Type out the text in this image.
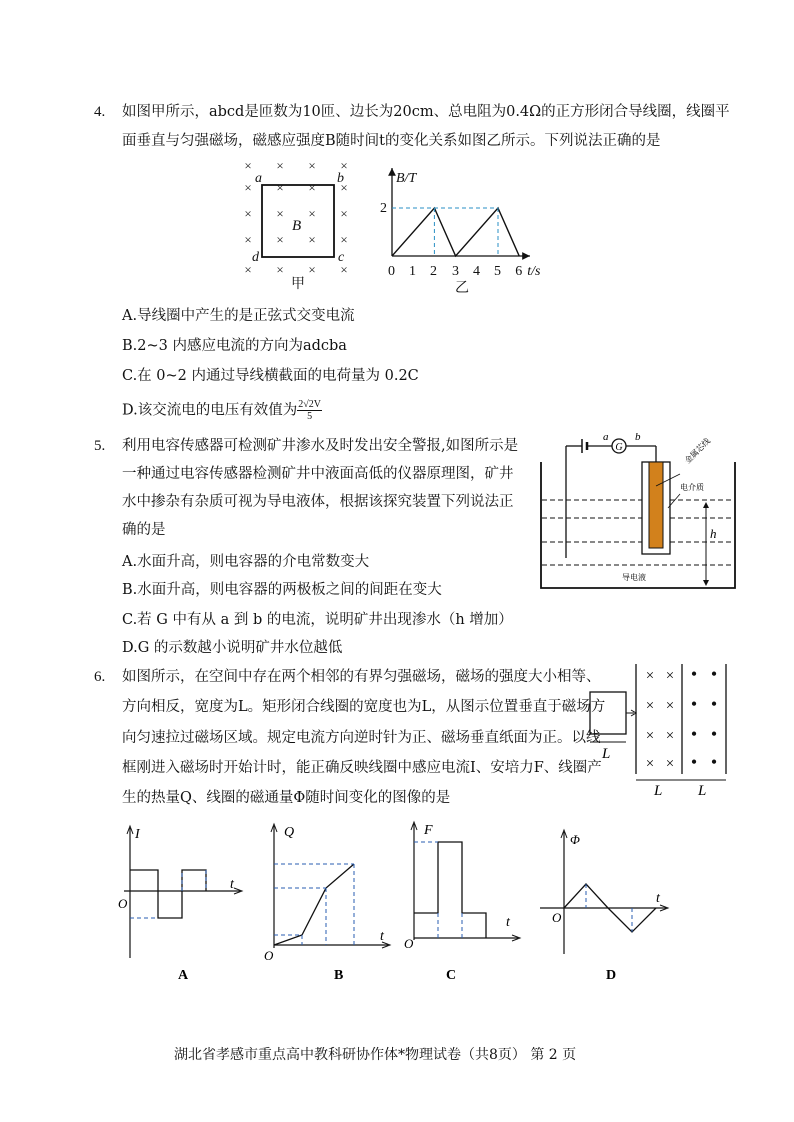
4. 如图甲所示，abcd是匝数为10匝、边长为20cm、总电阻为0.4Ω的正方形闭合导线圈，线圈平
面垂直与匀强磁场，磁感应强度B随时间t的变化关系如图乙所示。下列说法正确的是
× × × ×
× × × ×
× × × ×
× × × ×
× × × ×
a	b
c
d
B
甲
B/T
2
t/s
0 1 2 3 4 5 6
乙
A.导线圈中产生的是正弦式交变电流
B.2~3 内感应电流的方向为adcba
C.在 0~2 内通过导线横截面的电荷量为 0.2C
D.该交流电的电压有效值为 $\frac{2√2V}{5}$
5. 利用电容传感器可检测矿井渗水及时发出安全警报,如图所示是
一种通过电容传感器检测矿井中液面高低的仪器原理图，矿井
水中掺杂有杂质可视为导电液体，根据该探究装置下列说法正
确的是
A.水面升高，则电容器的介电常数变大
B.水面升高，则电容器的两极板之间的间距在变大
C.若 G 中有从 a 到 b 的电流，说明矿井出现渗水（h 增加）
D.G 的示数越小说明矿井水位越低
G
a b	金属芯线
电介质
h
导电液
6. 如图所示，在空间中存在两个相邻的有界匀强磁场，磁场的强度大小相等、
方向相反，宽度为L。矩形闭合线圈的宽度也为L，从图示位置垂直于磁场方
向匀速拉过磁场区域。规定电流方向逆时针为正、磁场垂直纸面为正。以线
框刚进入磁场时开始计时，能正确反映线圈中感应电流I、安培力F、线圈产
生的热量Q、线圈的磁通量Φ随时间变化的图像的是
× ×
× ×
× ×
× ×
• •
• •
• •
• •
L
L L
I
t
O
A
Q
t
O
B
F
t
O
C
Φ
t
O
D
湖北省孝感市重点高中教科研协作体*物理试卷（共8页） 第 2 页
